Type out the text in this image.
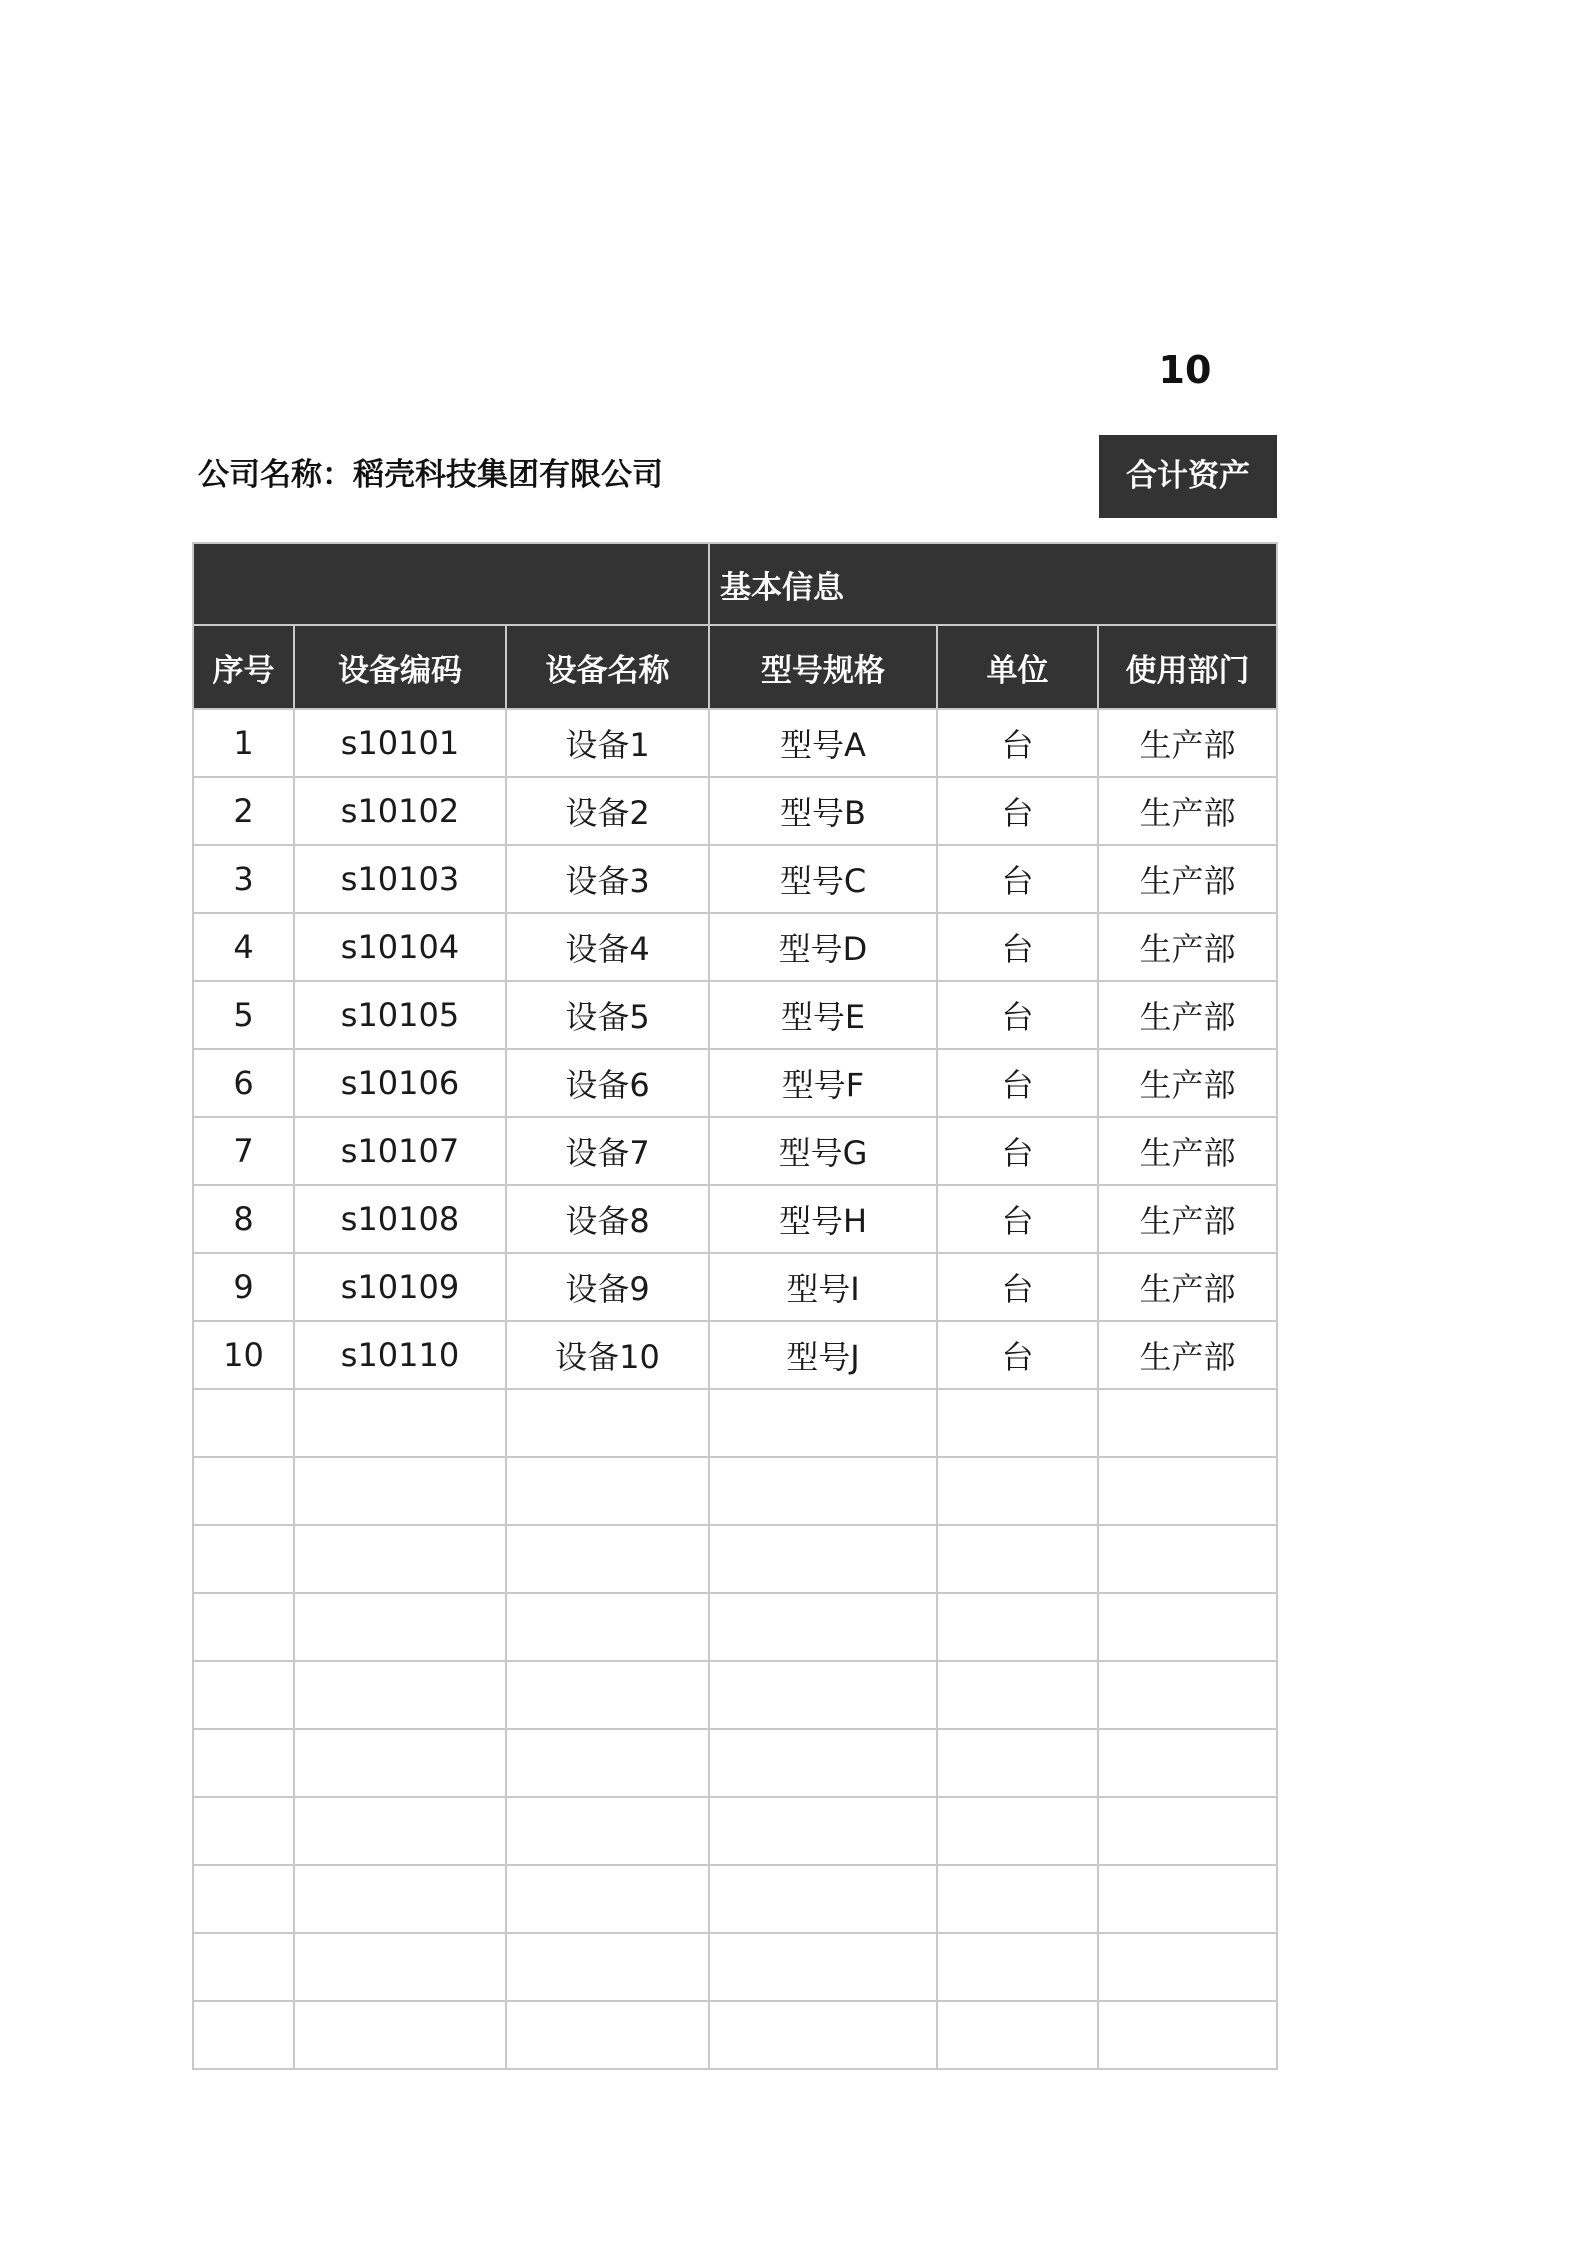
10
公司名称：稻壳科技集团有限公司	合计资产
			基本信息		
序号	设备编码	设备名称	型号规格	单位	使用部门
1	s10101	设备1	型号A	台	生产部
2	s10102	设备2	型号B	台	生产部
3	s10103	设备3	型号C	台	生产部
4	s10104	设备4	型号D	台	生产部
5	s10105	设备5	型号E	台	生产部
6	s10106	设备6	型号F	台	生产部
7	s10107	设备7	型号G	台	生产部
8	s10108	设备8	型号H	台	生产部
9	s10109	设备9	型号I	台	生产部
10	s10110	设备10	型号J	台	生产部
